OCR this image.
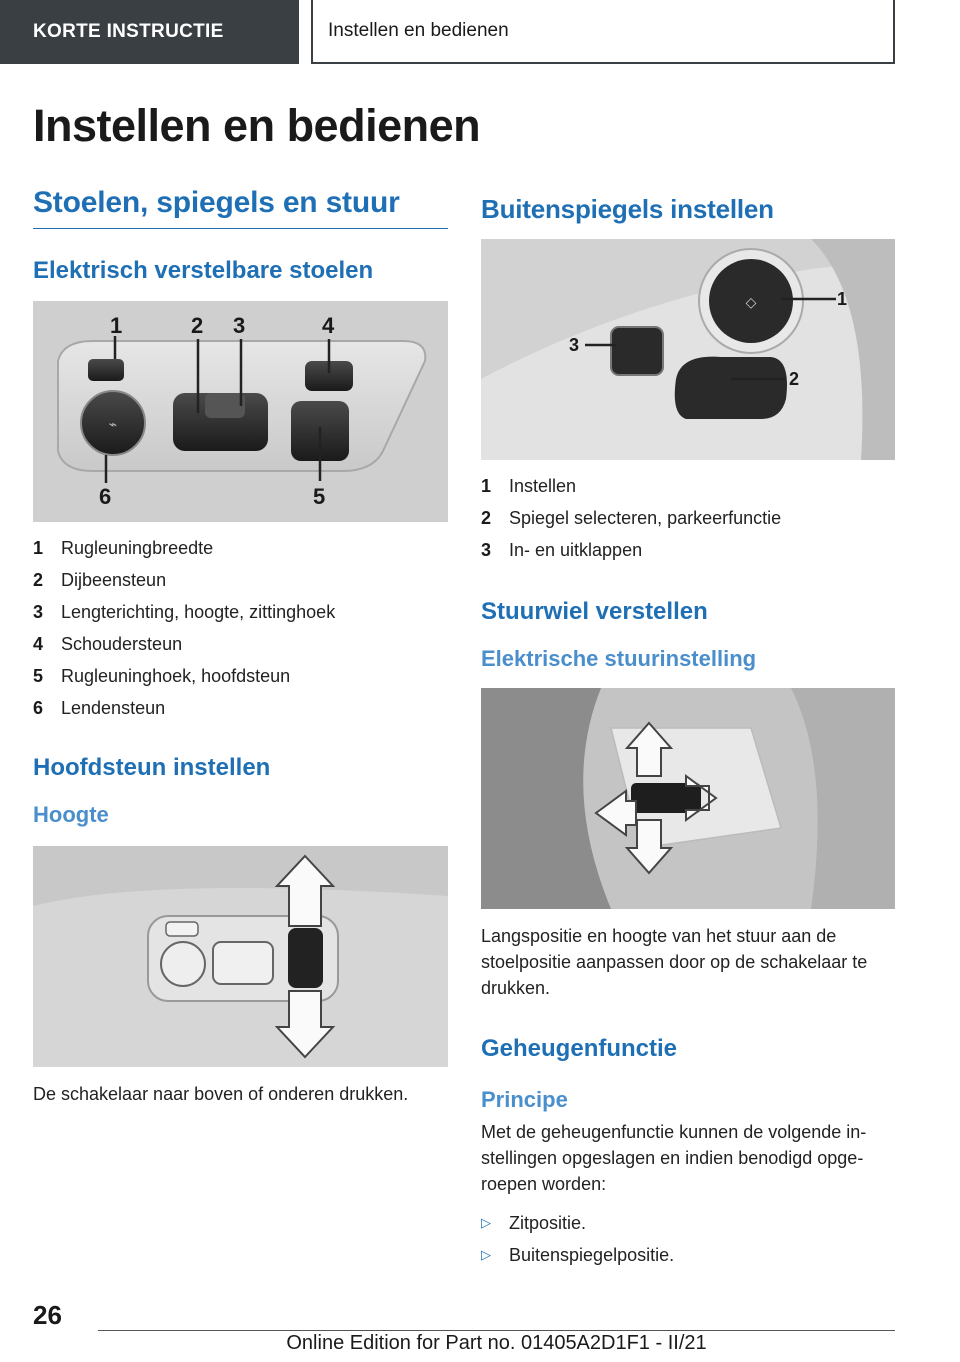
KORTE INSTRUCTIE	Instellen en bedienen
Instellen en bedienen
Stoelen, spiegels en stuur
Elektrisch verstelbare stoelen
⌁
1	2 3	4
5
6
1 Rugleuningbreedte
2 Dijbeensteun
3 Lengterichting, hoogte, zittinghoek
4 Schoudersteun
5 Rugleuninghoek, hoofdsteun
6 Lendensteun
Hoofdsteun instellen
Hoogte

De schakelaar naar boven of onderen drukken.

Buitenspiegels instellen
◇	1
2
3
1 Instellen
2 Spiegel selecteren, parkeerfunctie
3 In- en uitklappen
Stuurwiel verstellen
Elektrische stuurinstelling

Langspositie en hoogte van het stuur aan de stoelpositie aanpassen door op de schakelaar te drukken.

Geheugenfunctie
Principe

Met de geheugenfunctie kunnen de volgende in-stellingen opgeslagen en indien benodigd opge-roepen worden:

▷	Zitpositie.
▷	Buitenspiegelpositie.
26
Online Edition for Part no. 01405A2D1F1 - II/21
